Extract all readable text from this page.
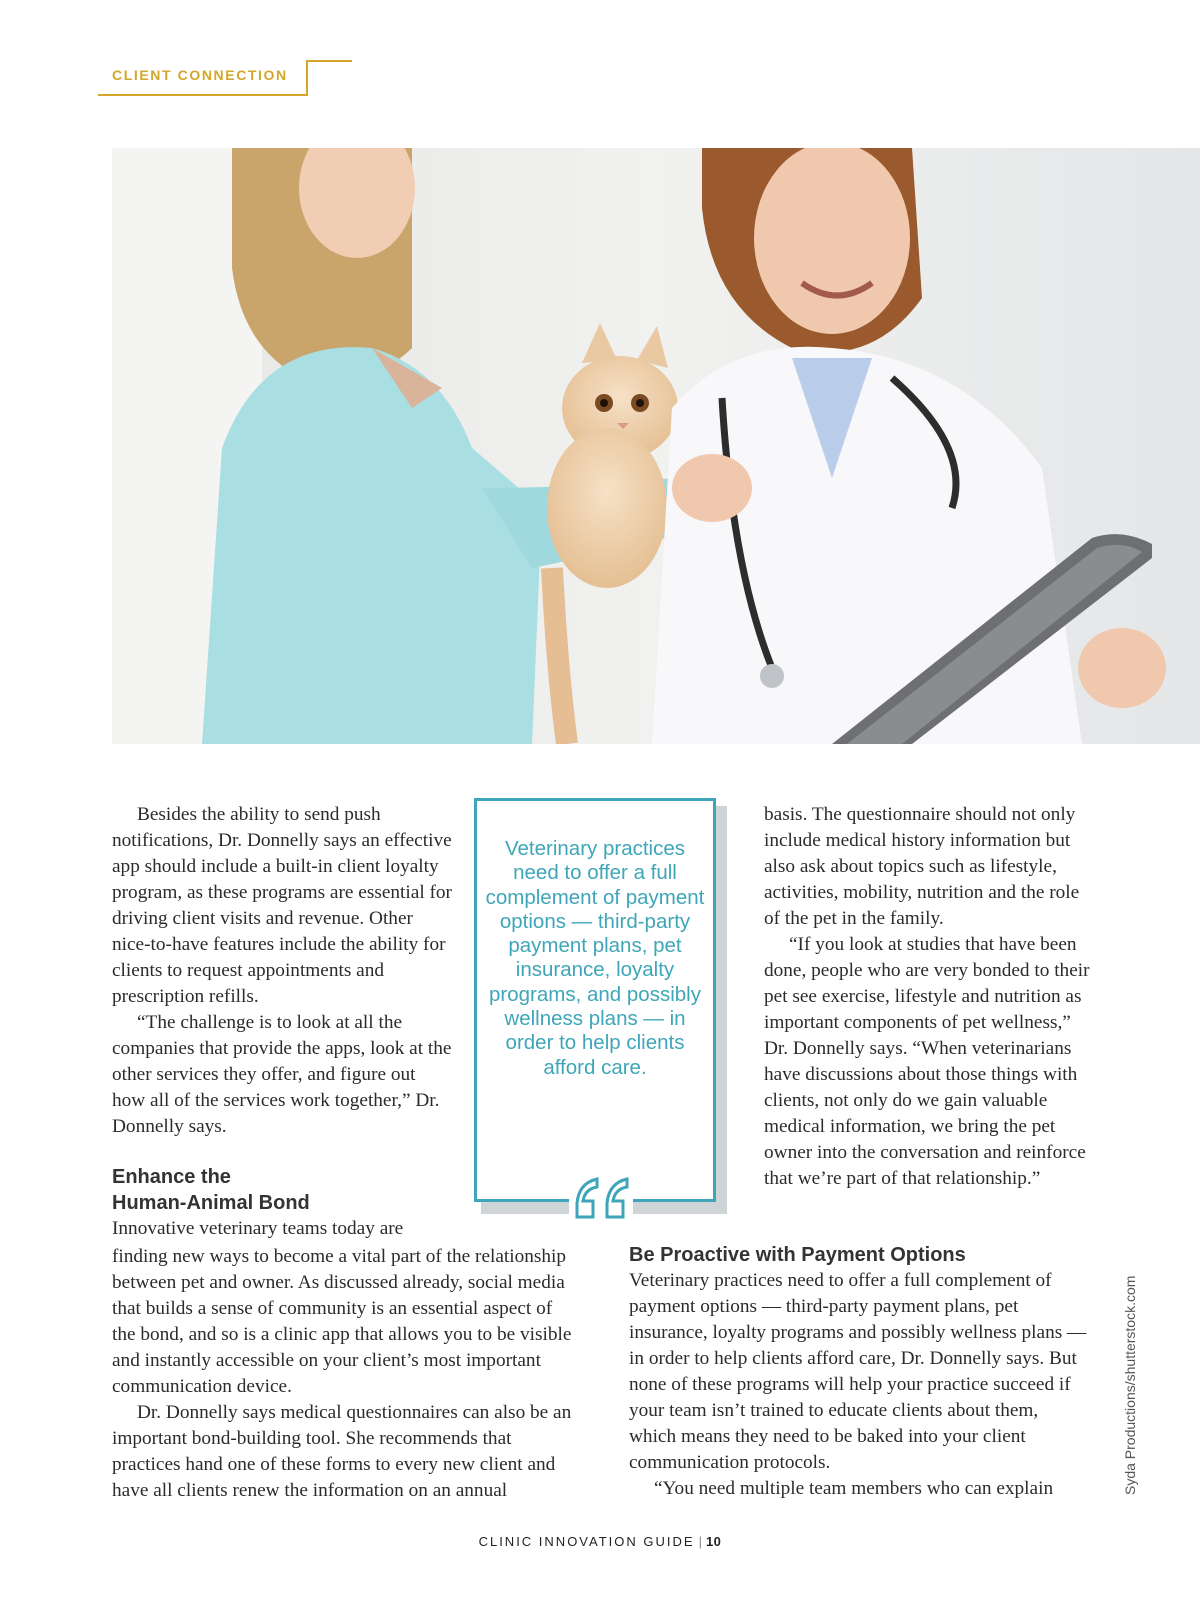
CLIENT CONNECTION

Besides the ability to send push notifications, Dr. Donnelly says an effective app should include a built-in client loyalty program, as these programs are essential for driving client visits and revenue. Other nice-to-have features include the ability for clients to request appointments and prescription refills.

“The challenge is to look at all the companies that provide the apps, look at the other services they offer, and figure out how all of the services work together,” Dr. Donnelly says.

Enhance the

Human-Animal Bond

Innovative veterinary teams today are

finding new ways to become a vital part of the relationship between pet and owner. As discussed already, social media that builds a sense of community is an essential aspect of the bond, and so is a clinic app that allows you to be visible and instantly accessible on your client’s most important communication device.

Dr. Donnelly says medical questionnaires can also be an important bond-building tool. She recommends that practices hand one of these forms to every new client and have all clients renew the information on an annual

Veterinary practices need to offer a full complement of payment options — third-party payment plans, pet insurance, loyalty programs, and possibly wellness plans — in order to help clients afford care.

basis. The questionnaire should not only include medical history information but also ask about topics such as lifestyle, activities, mobility, nutrition and the role of the pet in the family.

“If you look at studies that have been done, people who are very bonded to their pet see exercise, lifestyle and nutrition as important components of pet wellness,” Dr. Donnelly says. “When veterinarians have discussions about those things with clients, not only do we gain valuable medical information, we bring the pet owner into the conversation and reinforce that we’re part of that relationship.”

Be Proactive with Payment Options

Veterinary practices need to offer a full complement of payment options — third-party payment plans, pet insurance, loyalty programs and possibly wellness plans — in order to help clients afford care, Dr. Donnelly says. But none of these programs will help your practice succeed if your team isn’t trained to educate clients about them, which means they need to be baked into your client communication protocols.

“You need multiple team members who can explain	Syda Productions/shutterstock.com
CLINIC INNOVATION GUIDE | 10
